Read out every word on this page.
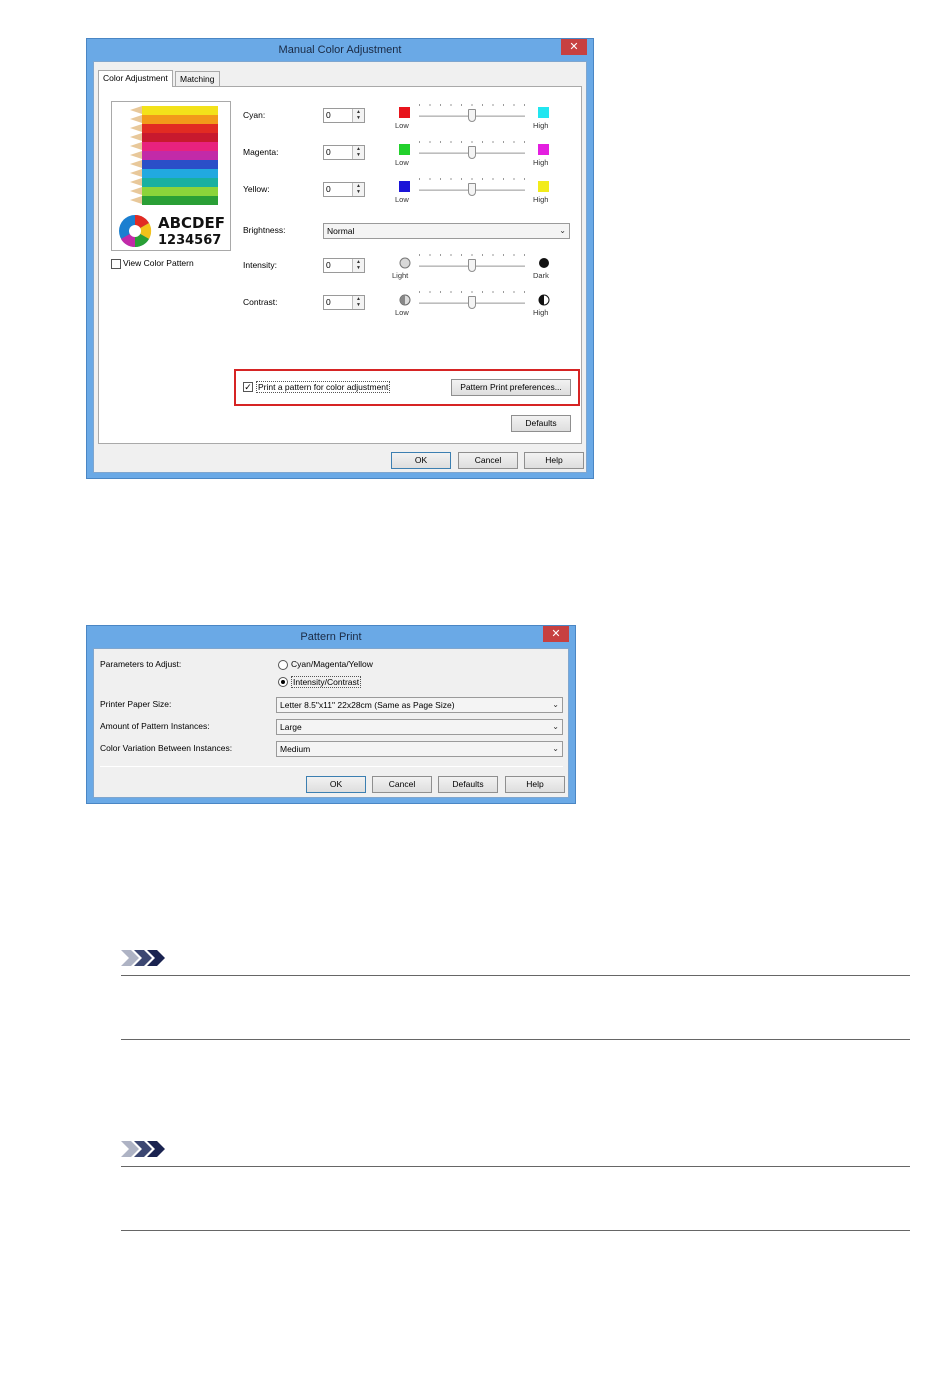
Manual Color Adjustment	✕
Color Adjustment	Matching
ABCDEF
1234567
View Color Pattern
Cyan:	0	▲
▼
Low	High
Magenta:	0	▲
▼
Low	High
Yellow:	0	▲
▼
Low	High
Brightness:	Normal	⌄
Intensity:	0	▲
▼
Light	Dark
Contrast:	0	▲
▼
Low	High
✓ Print a pattern for color adjustment	Pattern Print preferences...
Defaults
OK	Cancel	Help
Pattern Print	✕
Parameters to Adjust:	Cyan/Magenta/Yellow
Intensity/Contrast
Printer Paper Size:	Letter 8.5"x11" 22x28cm (Same as Page Size)	⌄
Amount of Pattern Instances:	Large	⌄
Color Variation Between Instances:	Medium	⌄
OK	Cancel	Defaults	Help
